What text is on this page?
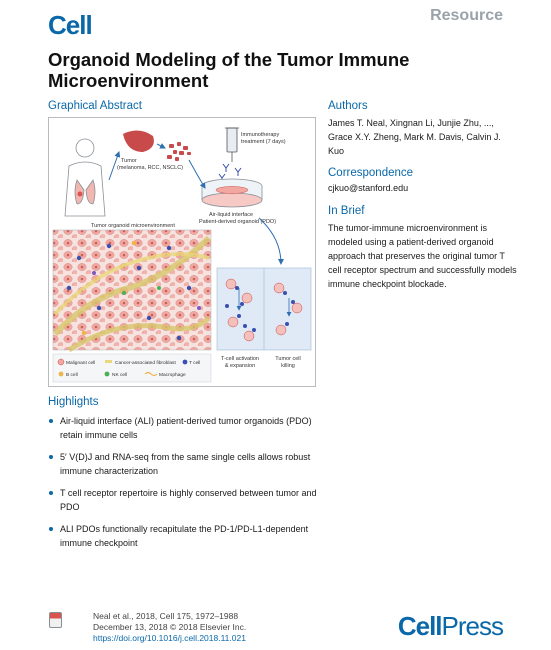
Cell	Resource
Organoid Modeling of the Tumor Immune Microenvironment
Graphical Abstract
Tumor
(melanoma, RCC, NSCLC)
Immunotherapy
treatment (7 days)
Air-liquid interface
Patient-derived organoid (PDO)
Tumor organoid microenvironment
Malignant cell	Cancer-associated fibroblast	T cell
B cell	NK cell	Macrophage
T-cell activation
& expansion
Tumor cell
killing
Authors
James T. Neal, Xingnan Li, Junjie Zhu, ..., Grace X.Y. Zheng, Mark M. Davis, Calvin J. Kuo
Correspondence
cjkuo@stanford.edu
In Brief
The tumor-immune microenvironment is modeled using a patient-derived organoid approach that preserves the original tumor T cell receptor spectrum and successfully models immune checkpoint blockade.
Highlights
Air-liquid interface (ALI) patient-derived tumor organoids (PDO) retain immune cells
5′ V(D)J and RNA-seq from the same single cells allows robust immune characterization
T cell receptor repertoire is highly conserved between tumor and PDO
ALI PDOs functionally recapitulate the PD-1/PD-L1-dependent immune checkpoint
Neal et al., 2018, Cell 175, 1972–1988
December 13, 2018 © 2018 Elsevier Inc.
https://doi.org/10.1016/j.cell.2018.11.021	CellPress
